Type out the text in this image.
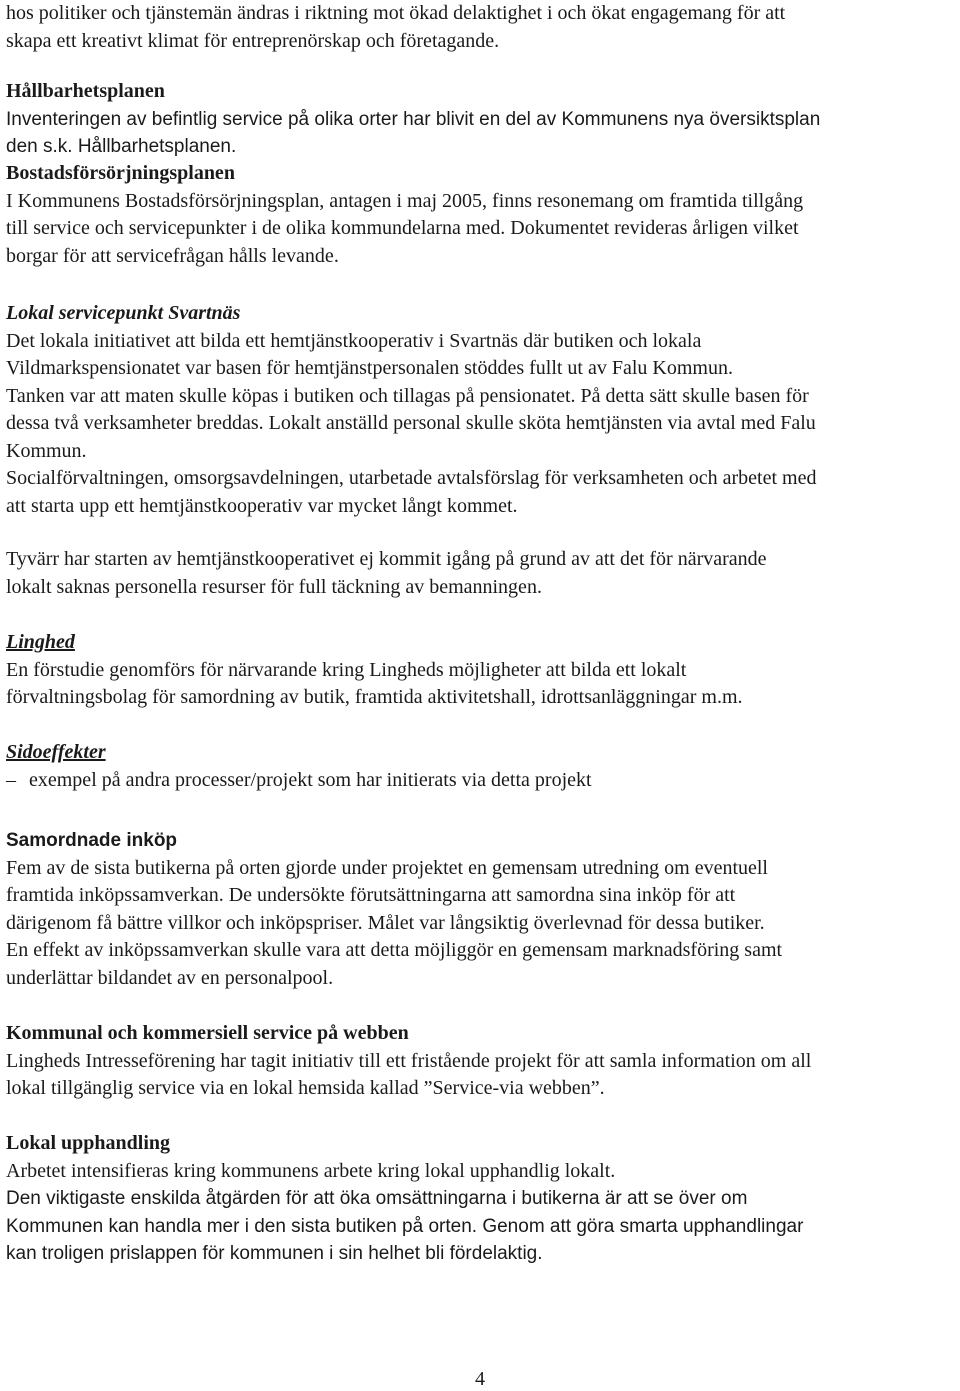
hos politiker och tjänstemän ändras i riktning mot ökad delaktighet i och ökat engagemang för att
skapa ett kreativt klimat för entreprenörskap och företagande.
Hållbarhetsplanen
Inventeringen av befintlig service på olika orter har blivit en del av Kommunens nya översiktsplan
den s.k. Hållbarhetsplanen.
Bostadsförsörjningsplanen
I Kommunens Bostadsförsörjningsplan, antagen i maj 2005, finns resonemang om framtida tillgång
till service och servicepunkter i de olika kommundelarna med. Dokumentet revideras årligen vilket
borgar för att servicefrågan hålls levande.
Lokal servicepunkt Svartnäs
Det lokala initiativet att bilda ett hemtjänstkooperativ i Svartnäs där butiken och lokala
Vildmarkspensionatet var basen för hemtjänstpersonalen stöddes fullt ut av Falu Kommun.
Tanken var att maten skulle köpas i butiken och tillagas på pensionatet. På detta sätt skulle basen för
dessa två verksamheter breddas. Lokalt anställd personal skulle sköta hemtjänsten via avtal med Falu
Kommun.
Socialförvaltningen, omsorgsavdelningen, utarbetade avtalsförslag för verksamheten och arbetet med
att starta upp ett hemtjänstkooperativ var mycket långt kommet.
Tyvärr har starten av hemtjänstkooperativet ej kommit igång på grund av att det för närvarande
lokalt saknas personella resurser för full täckning av bemanningen.
Linghed
En förstudie genomförs för närvarande kring Lingheds möjligheter att bilda ett lokalt
förvaltningsbolag för samordning av butik, framtida aktivitetshall, idrottsanläggningar m.m.
Sidoeffekter
– exempel på andra processer/projekt som har initierats via detta projekt
Samordnade inköp
Fem av de sista butikerna på orten gjorde under projektet en gemensam utredning om eventuell
framtida inköpssamverkan. De undersökte förutsättningarna att samordna sina inköp för att
därigenom få bättre villkor och inköpspriser. Målet var långsiktig överlevnad för dessa butiker.
En effekt av inköpssamverkan skulle vara att detta möjliggör en gemensam marknadsföring samt
underlättar bildandet av en personalpool.
Kommunal och kommersiell service på webben
Lingheds Intresseförening har tagit initiativ till ett fristående projekt för att samla information om all
lokal tillgänglig service via en lokal hemsida kallad ”Service-via webben”.
Lokal upphandling
Arbetet intensifieras kring kommunens arbete kring lokal upphandlig lokalt.
Den viktigaste enskilda åtgärden för att öka omsättningarna i butikerna är att se över om
Kommunen kan handla mer i den sista butiken på orten. Genom att göra smarta upphandlingar
kan troligen prislappen för kommunen i sin helhet bli fördelaktig.
4
